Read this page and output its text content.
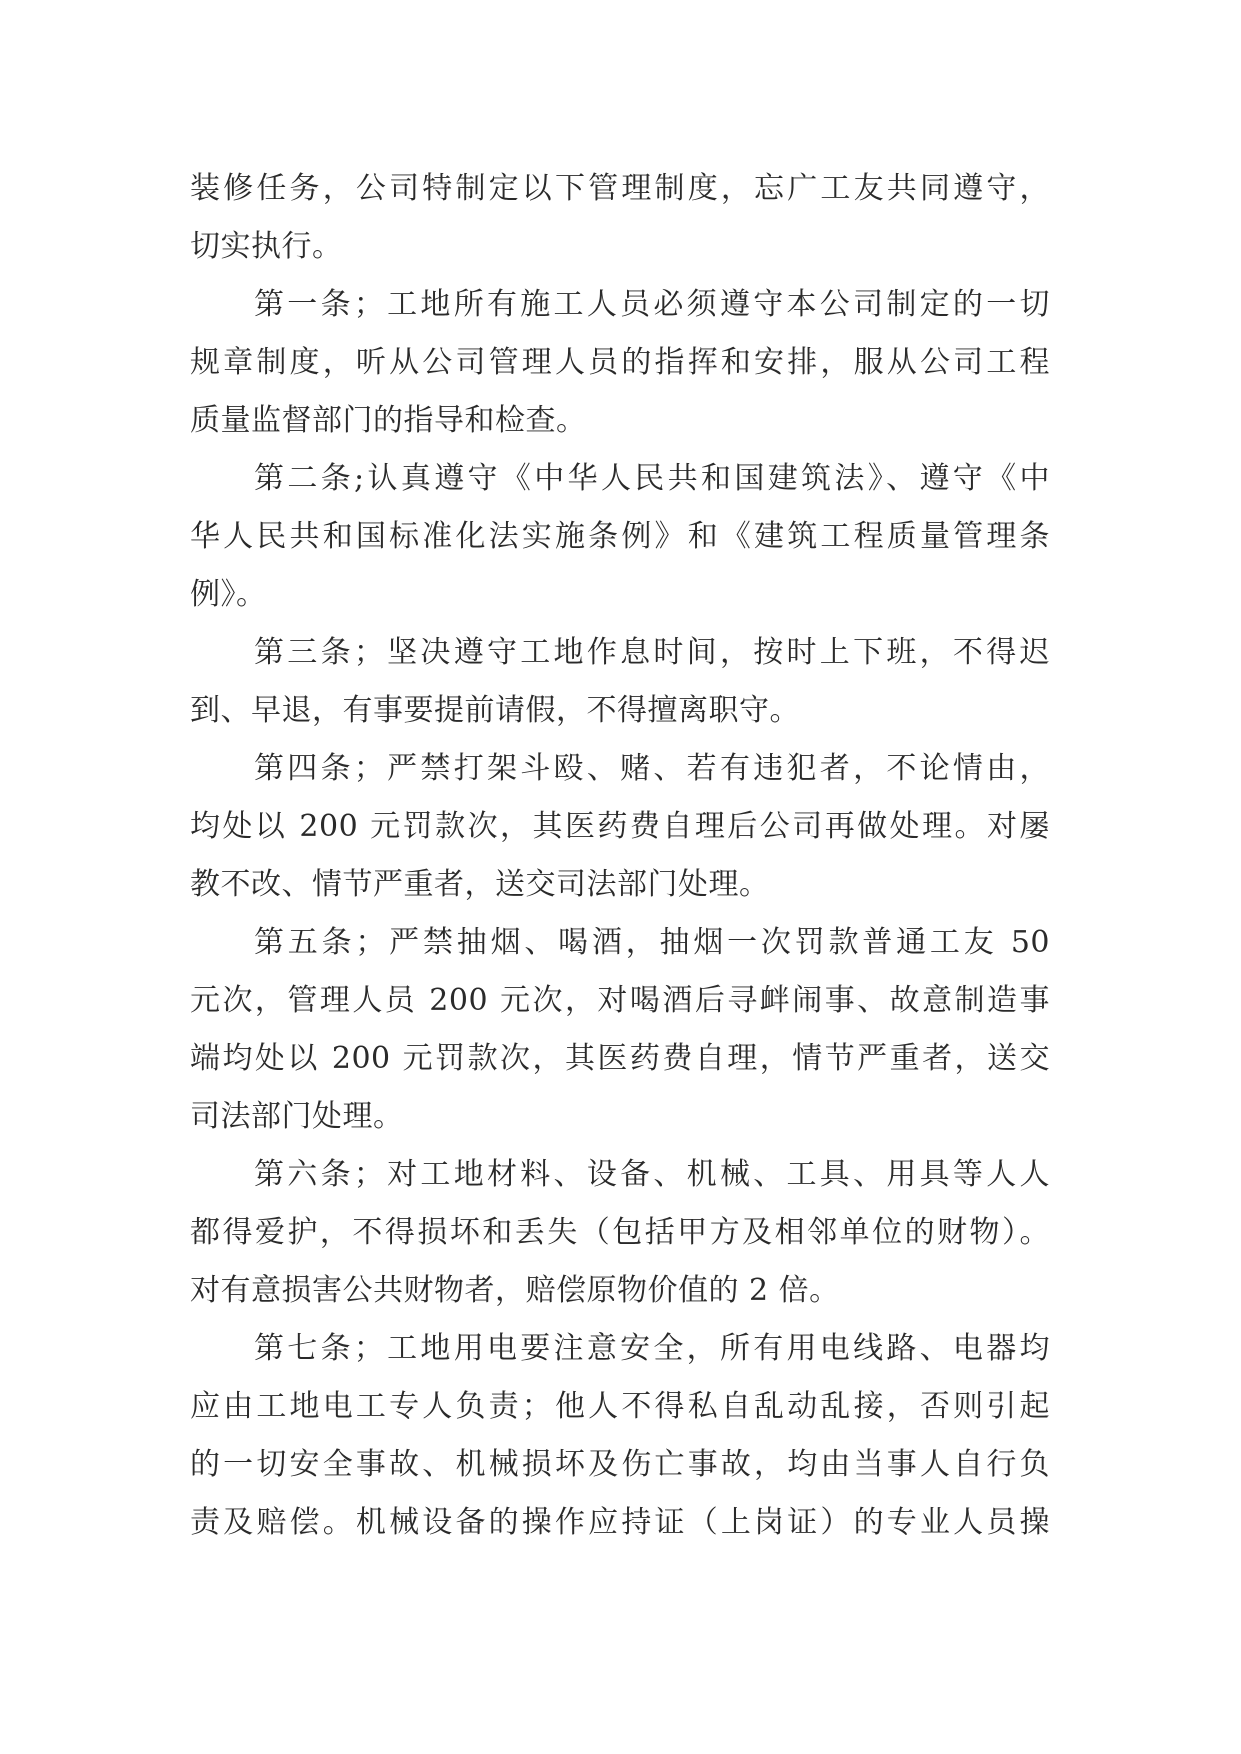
装修任务，公司特制定以下管理制度，忘广工友共同遵守，
切实执行。
第一条；工地所有施工人员必须遵守本公司制定的一切
规章制度，听从公司管理人员的指挥和安排，服从公司工程
质量监督部门的指导和检查。
第二条;认真遵守《中华人民共和国建筑法》、遵守《中
华人民共和国标准化法实施条例》和《建筑工程质量管理条
例》。
第三条；坚决遵守工地作息时间，按时上下班，不得迟
到、早退，有事要提前请假，不得擅离职守。
第四条；严禁打架斗殴、赌、若有违犯者，不论情由，
均处以 200 元罚款次，其医药费自理后公司再做处理。对屡
教不改、情节严重者，送交司法部门处理。
第五条；严禁抽烟、喝酒，抽烟一次罚款普通工友 50
元次，管理人员 200 元次，对喝酒后寻衅闹事、故意制造事
端均处以 200 元罚款次，其医药费自理，情节严重者，送交
司法部门处理。
第六条；对工地材料、设备、机械、工具、用具等人人
都得爱护，不得损坏和丢失（包括甲方及相邻单位的财物）。
对有意损害公共财物者，赔偿原物价值的 2 倍。
第七条；工地用电要注意安全，所有用电线路、电器均
应由工地电工专人负责；他人不得私自乱动乱接，否则引起
的一切安全事故、机械损坏及伤亡事故，均由当事人自行负
责及赔偿。机械设备的操作应持证（上岗证）的专业人员操
